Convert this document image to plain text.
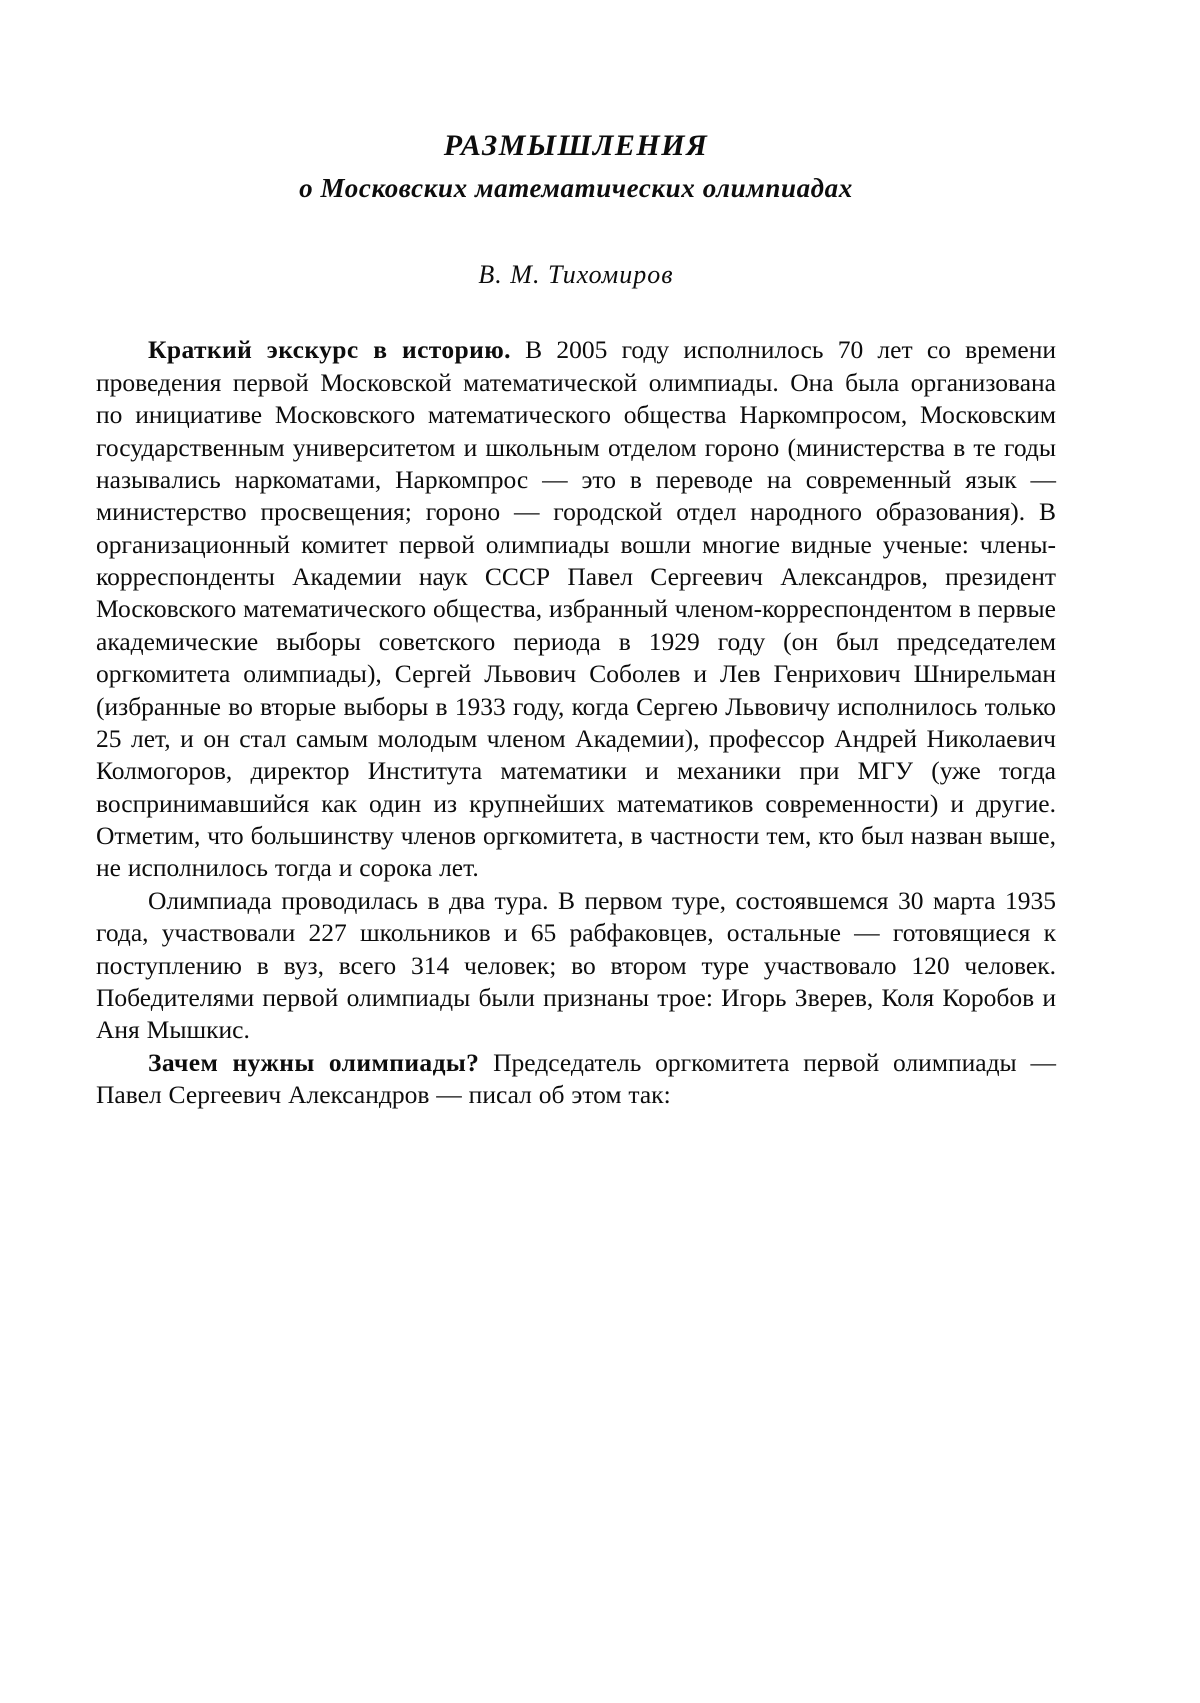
РАЗМЫШЛЕНИЯ
о Московских математических олимпиадах
В. М. Тихомиров

Краткий экскурс в историю. В 2005 году исполнилось 70 лет со времени проведения первой Московской математической олимпиады. Она была организована по инициативе Московского математического общества Наркомпросом, Московским государственным университетом и школьным отделом гороно (министерства в те годы назывались наркоматами, Наркомпрос — это в переводе на современный язык — министерство просвещения; гороно — городской отдел народного образования). В организационный комитет первой олимпиады вошли многие видные ученые: члены-корреспонденты Академии наук СССР Павел Сергеевич Александров, президент Московского математического общества, избранный членом-корреспондентом в первые академические выборы советского периода в 1929 году (он был председателем оргкомитета олимпиады), Сергей Львович Соболев и Лев Генрихович Шнирельман (избранные во вторые выборы в 1933 году, когда Сергею Львовичу исполнилось только 25 лет, и он стал самым молодым членом Академии), профессор Андрей Николаевич Колмогоров, директор Института математики и механики при МГУ (уже тогда воспринимавшийся как один из крупнейших математиков современности) и другие. Отметим, что большинству членов оргкомитета, в частности тем, кто был назван выше, не исполнилось тогда и сорока лет.

Олимпиада проводилась в два тура. В первом туре, состоявшемся 30 марта 1935 года, участвовали 227 школьников и 65 рабфаковцев, остальные — готовящиеся к поступлению в вуз, всего 314 человек; во втором туре участвовало 120 человек. Победителями первой олимпиады были признаны трое: Игорь Зверев, Коля Коробов и Аня Мышкис.

Зачем нужны олимпиады? Председатель оргкомитета первой олимпиады — Павел Сергеевич Александров — писал об этом так:
